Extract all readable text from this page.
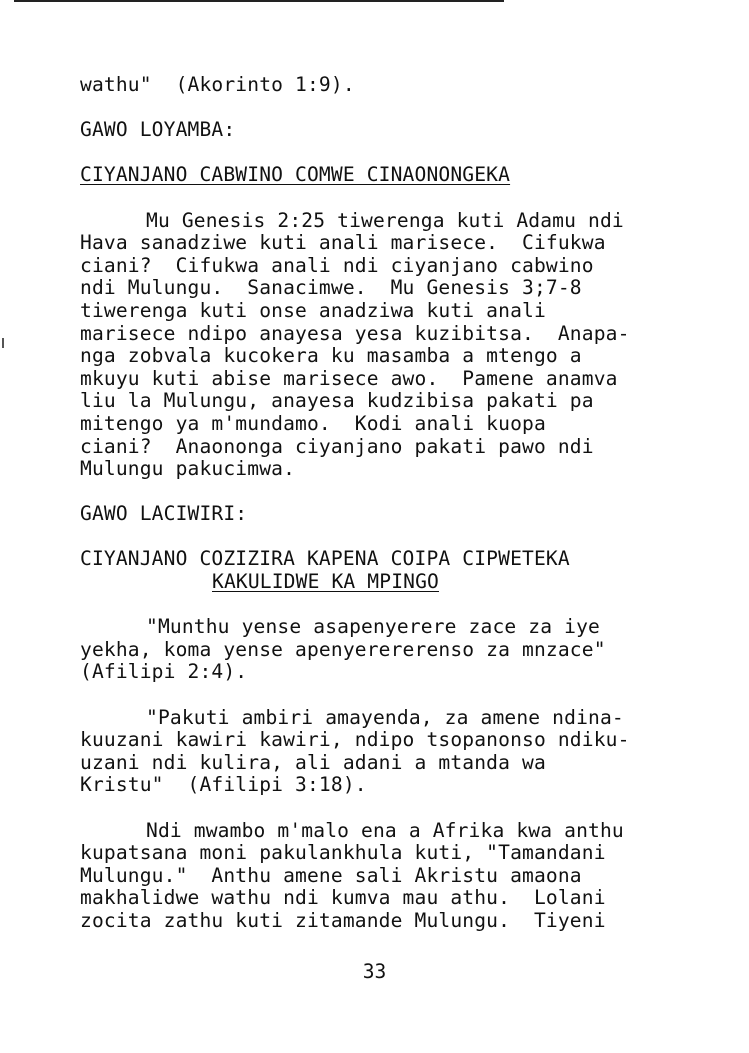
wathu"  (Akorinto 1:9).
GAWO LOYAMBA:
CIYANJANO CABWINO COMWE CINAONONGEKA
Mu Genesis 2:25 tiwerenga kuti Adamu ndi
Hava sanadziwe kuti anali marisece.  Cifukwa
ciani?  Cifukwa anali ndi ciyanjano cabwino
ndi Mulungu.  Sanacimwe.  Mu Genesis 3;7-8
tiwerenga kuti onse anadziwa kuti anali
marisece ndipo anayesa yesa kuzibitsa.  Anapa-
nga zobvala kucokera ku masamba a mtengo a
mkuyu kuti abise marisece awo.  Pamene anamva
liu la Mulungu, anayesa kudzibisa pakati pa
mitengo ya m'mundamo.  Kodi anali kuopa
ciani?  Anaononga ciyanjano pakati pawo ndi
Mulungu pakucimwa.
GAWO LACIWIRI:
CIYANJANO COZIZIRA KAPENA COIPA CIPWETEKA
KAKULIDWE KA MPINGO
"Munthu yense asapenyerere zace za iye
yekha, koma yense apenyerererenso za mnzace"
(Afilipi 2:4).
"Pakuti ambiri amayenda, za amene ndina-
kuuzani kawiri kawiri, ndipo tsopanonso ndiku-
uzani ndi kulira, ali adani a mtanda wa
Kristu"  (Afilipi 3:18).
Ndi mwambo m'malo ena a Afrika kwa anthu
kupatsana moni pakulankhula kuti, "Tamandani
Mulungu."  Anthu amene sali Akristu amaona
makhalidwe wathu ndi kumva mau athu.  Lolani
zocita zathu kuti zitamande Mulungu.  Tiyeni
33
